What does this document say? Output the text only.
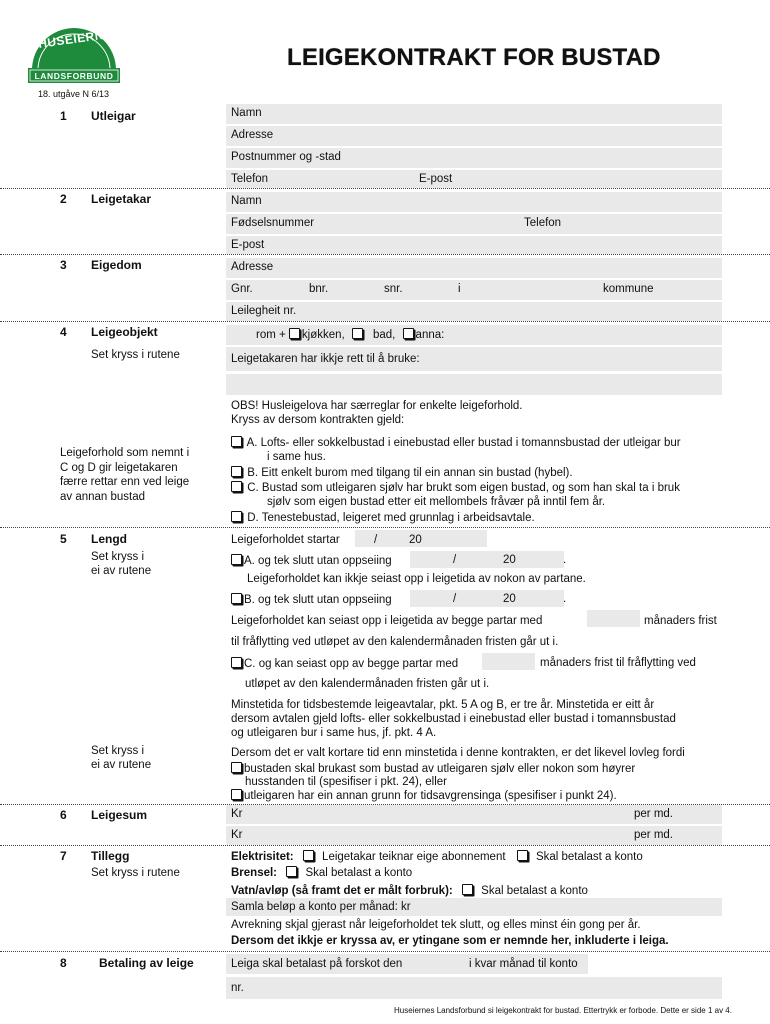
HUSEIERNES
LANDSFORBUND
LEIGEKONTRAKT FOR BUSTAD
18. utgåve N 6/13
1 Utleigar	Namn
Adresse
Postnummer og -stad
Telefon	E-post
2 Leigetakar	Namn
Fødselsnummer	Telefon
E-post
3 Eigedom	Adresse
Gnr.	bnr.	snr.	i	kommune
Leilegheit nr.
4 Leigeobjekt
Set kryss i rutene
rom + kjøkken, bad, anna:
Leigetakaren har ikkje rett til å bruke:
OBS! Husleigelova har særreglar for enkelte leigeforhold.
Kryss av dersom kontrakten gjeld:
Leigeforhold som nemnt i
C og D gir leigetakaren
færre rettar enn ved leige
av annan bustad
A. Lofts- eller sokkelbustad i einebustad eller bustad i tomannsbustad der utleigar bur
i same hus.
B. Eitt enkelt burom med tilgang til ein annan sin bustad (hybel).
C. Bustad som utleigaren sjølv har brukt som eigen bustad, og som han skal ta i bruk
sjølv som eigen bustad etter eit mellombels fråvær på inntil fem år.
D. Tenestebustad, leigeret med grunnlag i arbeidsavtale.
5 Lengd
Set kryss i
ei av rutene
Leigeforholdet startar	/	20
A. og tek slutt utan oppseiing	/	20	.
Leigeforholdet kan ikkje seiast opp i leigetida av nokon av partane.
B. og tek slutt utan oppseiing	/	20	.
Leigeforholdet kan seiast opp i leigetida av begge partar med	månaders frist
til fråflytting ved utløpet av den kalendermånaden fristen går ut i.
C. og kan seiast opp av begge partar med	månaders frist til fråflytting ved
utløpet av den kalendermånaden fristen går ut i.
Minstetida for tidsbestemde leigeavtalar, pkt. 5 A og B, er tre år. Minstetida er eitt år
dersom avtalen gjeld lofts- eller sokkelbustad i einebustad eller bustad i tomannsbustad
og utleigaren bur i same hus, jf. pkt. 4 A.
Set kryss i
ei av rutene
Dersom det er valt kortare tid enn minstetida i denne kontrakten, er det likevel lovleg fordi
bustaden skal brukast som bustad av utleigaren sjølv eller nokon som høyrer
husstanden til (spesifiser i pkt. 24), eller
utleigaren har ein annan grunn for tidsavgrensinga (spesifiser i punkt 24).
6 Leigesum	Kr	per md.
Kr	per md.
7 Tillegg
Set kryss i rutene
Elektrisitet: Leigetakar teiknar eige abonnement	Skal betalast a konto
Brensel: Skal betalast a konto
Vatn/avløp (så framt det er målt forbruk): Skal betalast a konto
Samla beløp a konto per månad: kr
Avrekning skjal gjerast når leigeforholdet tek slutt, og elles minst éin gong per år.
Dersom det ikkje er kryssa av, er ytingane som er nemnde her, inkluderte i leiga.
8	Betaling av leige	Leiga skal betalast på forskot den	i kvar månad til konto
nr.
Huseiernes Landsforbund si leigekontrakt for bustad. Ettertrykk er forbode. Dette er side 1 av 4.
